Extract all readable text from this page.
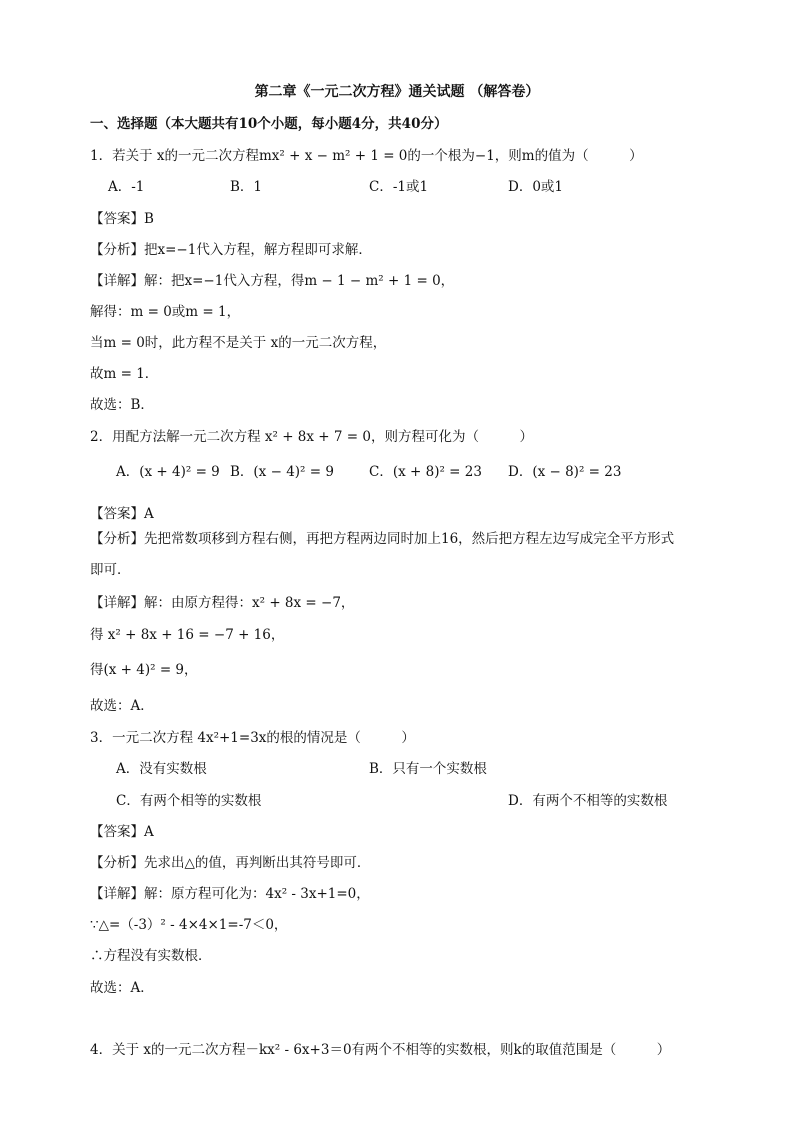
第二章《一元二次方程》通关试题 （解答卷）
一、选择题（本大题共有10个小题，每小题4分，共40分）
1．若关于 x的一元二次方程mx² + x − m² + 1 = 0的一个根为−1，则m的值为（　　　）
A．-1	B．1	C．-1或1	D．0或1
【答案】B
【分析】把x=−1代入方程，解方程即可求解．
【详解】解：把x=−1代入方程，得m − 1 − m² + 1 = 0，
解得：m = 0或m = 1，
当m = 0时，此方程不是关于 x的一元二次方程，
故m = 1．
故选：B．
2．用配方法解一元二次方程 x² + 8x + 7 = 0，则方程可化为（　　　）
A．(x + 4)² = 9 B．(x − 4)² = 9	C．(x + 8)² = 23 D．(x − 8)² = 23
【答案】A
【分析】先把常数项移到方程右侧，再把方程两边同时加上16，然后把方程左边写成完全平方形式
即可．
【详解】解：由原方程得：x² + 8x = −7，
得 x² + 8x + 16 = −7 + 16，
得(x + 4)² = 9，
故选：A．
3．一元二次方程 4x²+1=3x的根的情况是（　　　）
A．没有实数根	B．只有一个实数根
C．有两个相等的实数根	D．有两个不相等的实数根
【答案】A
【分析】先求出△的值，再判断出其符号即可．
【详解】解：原方程可化为：4x² - 3x+1=0，
∵△=（-3）² - 4×4×1=-7＜0，
∴方程没有实数根．
故选：A．
4．关于 x的一元二次方程－kx² - 6x+3＝0有两个不相等的实数根，则k的取值范围是（　　　）
